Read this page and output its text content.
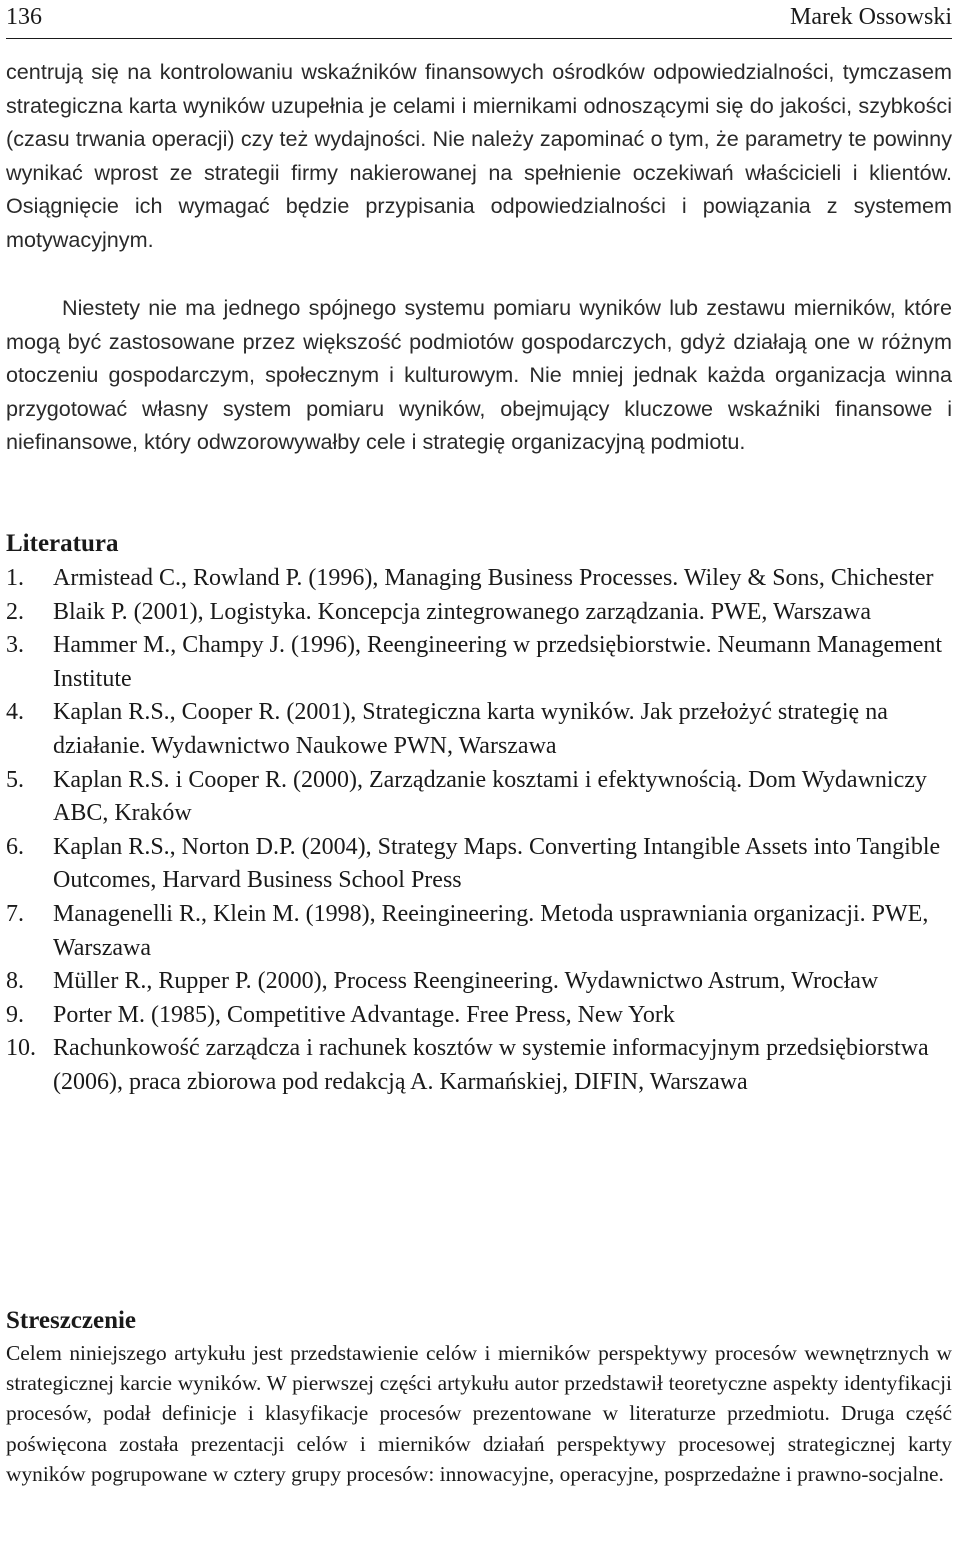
136	Marek Ossowski

centrują się na kontrolowaniu wskaźników finansowych ośrodków odpowiedzialności, tymczasem strategiczna karta wyników uzupełnia je celami i miernikami odnoszącymi się do jakości, szybkości (czasu trwania operacji) czy też wydajności. Nie należy zapominać o tym, że parametry te powinny wynikać wprost ze strategii firmy nakierowanej na spełnienie oczekiwań właścicieli i klientów. Osiągnięcie ich wymagać będzie przypisania odpowiedzialności i powiązania z systemem motywacyjnym.

Niestety nie ma jednego spójnego systemu pomiaru wyników lub zestawu mierników, które mogą być zastosowane przez większość podmiotów gospodarczych, gdyż działają one w różnym otoczeniu gospodarczym, społecznym i kulturowym. Nie mniej jednak każda organizacja winna przygotować własny system pomiaru wyników, obejmujący kluczowe wskaźniki finansowe i niefinansowe, który odwzorowywałby cele i strategię organizacyjną podmiotu.

Literatura
1. Armistead C., Rowland P. (1996), Managing Business Processes. Wiley & Sons, Chichester
2. Blaik P. (2001), Logistyka. Koncepcja zintegrowanego zarządzania. PWE, Warszawa
3. Hammer M., Champy J. (1996), Reengineering w przedsiębiorstwie. Neumann Management Institute
4. Kaplan R.S., Cooper R. (2001), Strategiczna karta wyników. Jak przełożyć strategię na działanie. Wydawnictwo Naukowe PWN, Warszawa
5. Kaplan R.S. i Cooper R. (2000), Zarządzanie kosztami i efektywnością. Dom Wydawniczy ABC, Kraków
6. Kaplan R.S., Norton D.P. (2004), Strategy Maps. Converting Intangible Assets into Tangible Outcomes, Harvard Business School Press
7. Managenelli R., Klein M. (1998), Reeingineering. Metoda usprawniania organizacji. PWE, Warszawa
8. Müller R., Rupper P. (2000), Process Reengineering. Wydawnictwo Astrum, Wrocław
9. Porter M. (1985), Competitive Advantage. Free Press, New York
10. Rachunkowość zarządcza i rachunek kosztów w systemie informacyjnym przedsiębiorstwa (2006), praca zbiorowa pod redakcją A. Karmańskiej, DIFIN, Warszawa
Streszczenie

Celem niniejszego artykułu jest przedstawienie celów i mierników perspektywy procesów wewnętrznych w strategicznej karcie wyników. W pierwszej części artykułu autor przedstawił teoretyczne aspekty identyfikacji procesów, podał definicje i klasyfikacje procesów prezentowane w literaturze przedmiotu. Druga część poświęcona została prezentacji celów i mierników działań perspektywy procesowej strategicznej karty wyników pogrupowane w cztery grupy procesów: innowacyjne, operacyjne, posprzedażne i prawno-socjalne.
